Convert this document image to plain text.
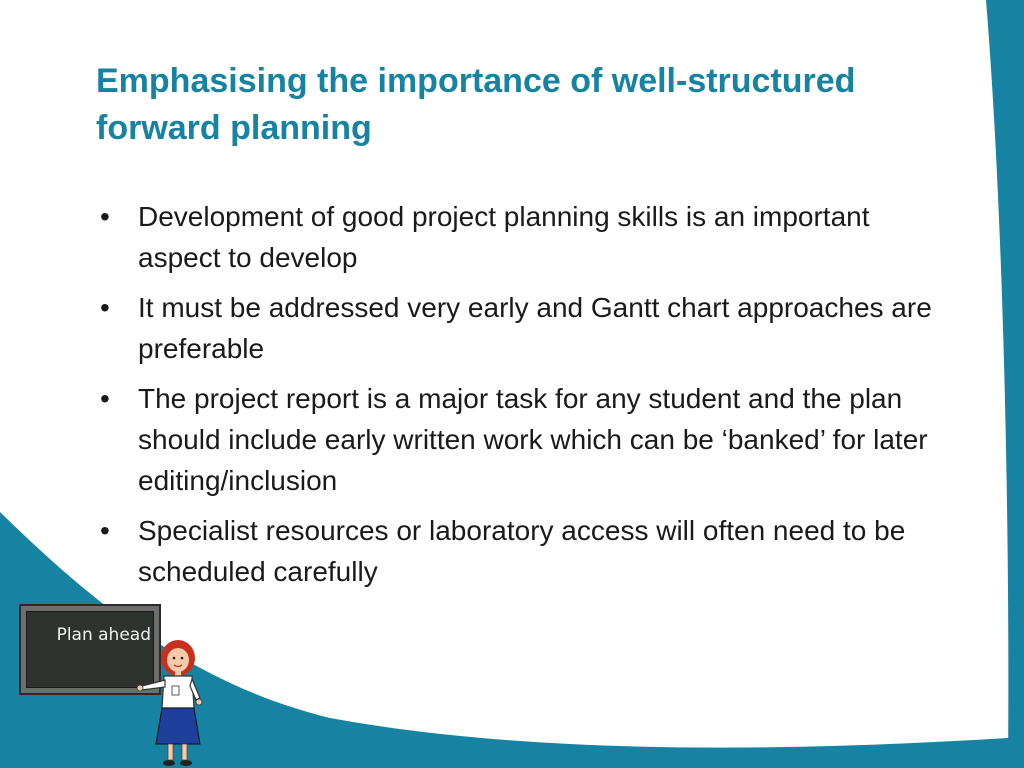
Emphasising the importance of well-structured forward planning
• Development of good project planning skills is an important aspect to develop
• It must be addressed very early and Gantt chart approaches are preferable
• The project report is a major task for any student and the plan should include early written work which can be ‘banked’ for later editing/inclusion
• Specialist resources or laboratory access will often need to be scheduled carefully
Plan ahead
